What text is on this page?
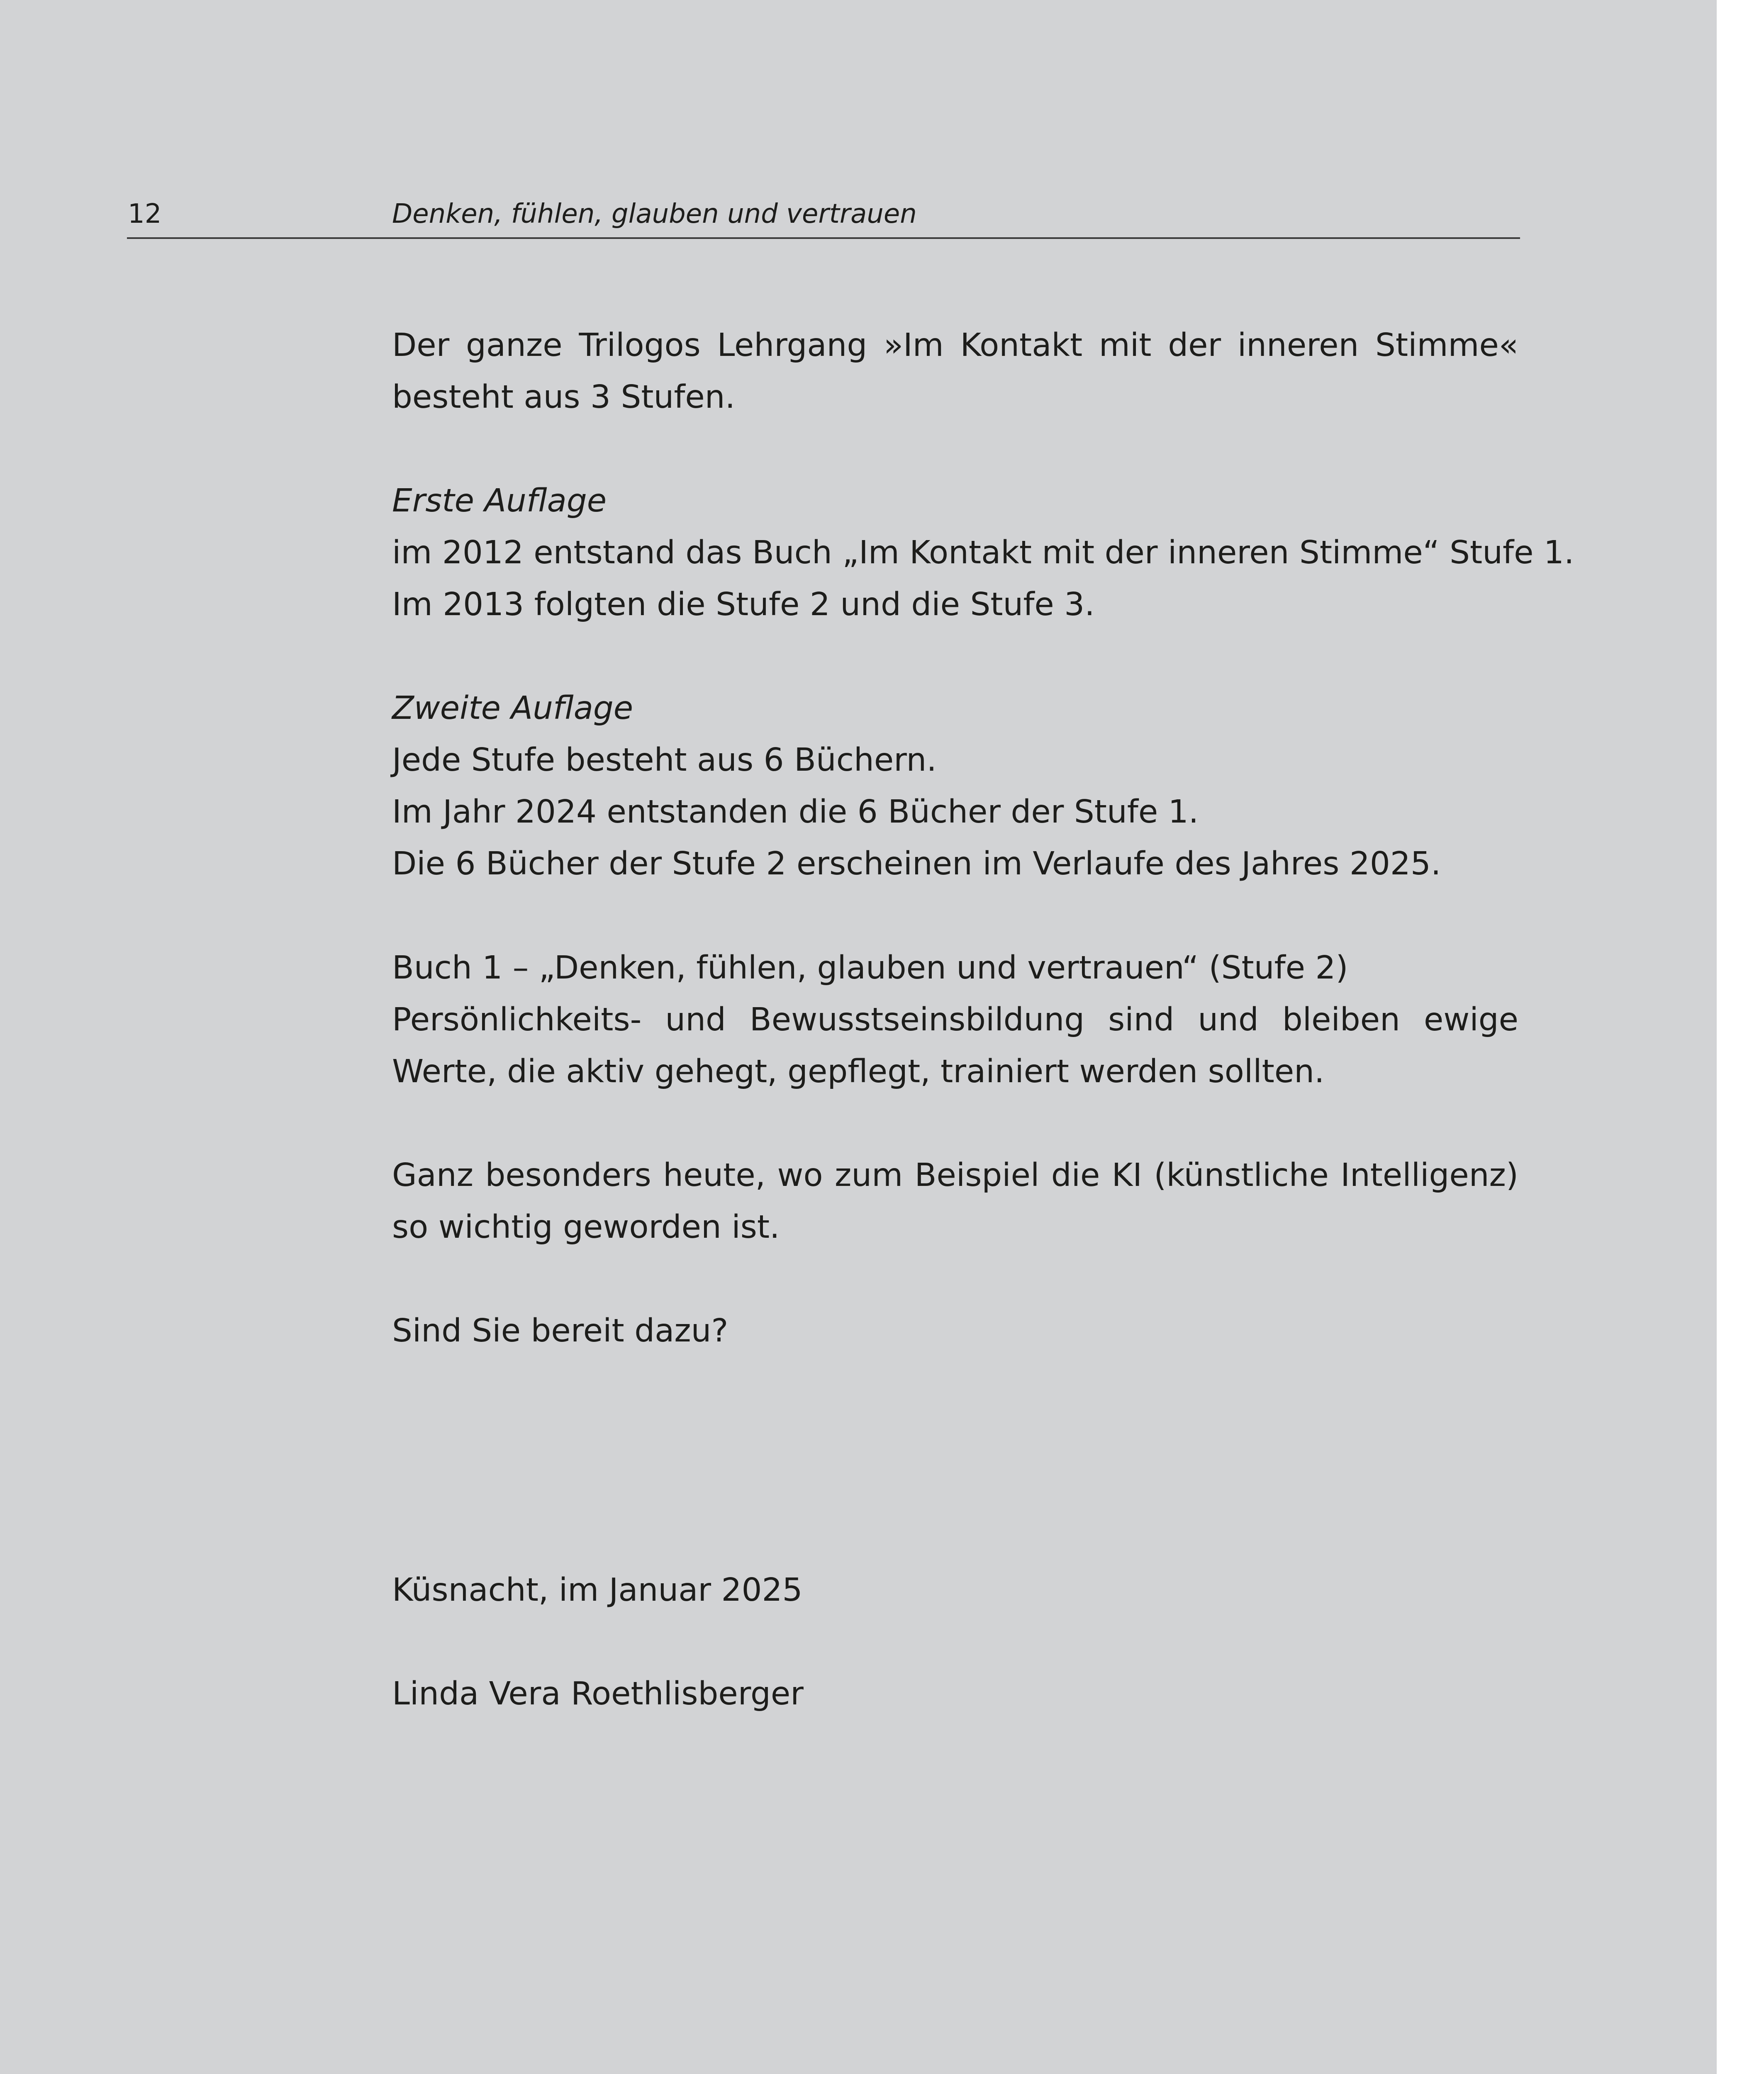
12	Denken, fühlen, glauben und vertrauen
Der ganze Trilogos Lehrgang »Im Kontakt mit der inneren Stimme« besteht aus 3 Stufen.
Erste Auflage
im 2012 entstand das Buch „Im Kontakt mit der inneren Stimme“ Stufe 1.
Im 2013 folgten die Stufe 2 und die Stufe 3.
Zweite Auflage
Jede Stufe besteht aus 6 Büchern.
Im Jahr 2024 entstanden die 6 Bücher der Stufe 1.
Die 6 Bücher der Stufe 2 erscheinen im Verlaufe des Jahres 2025.
Buch 1 – „Denken, fühlen, glauben und vertrauen“ (Stufe 2)
Persönlichkeits- und Bewusstseinsbildung sind und bleiben ewige Werte, die aktiv gehegt, gepflegt, trainiert werden sollten.
Ganz besonders heute, wo zum Beispiel die KI (künstliche Intelligenz) so wichtig geworden ist.
Sind Sie bereit dazu?
Küsnacht, im Januar 2025
Linda Vera Roethlisberger
